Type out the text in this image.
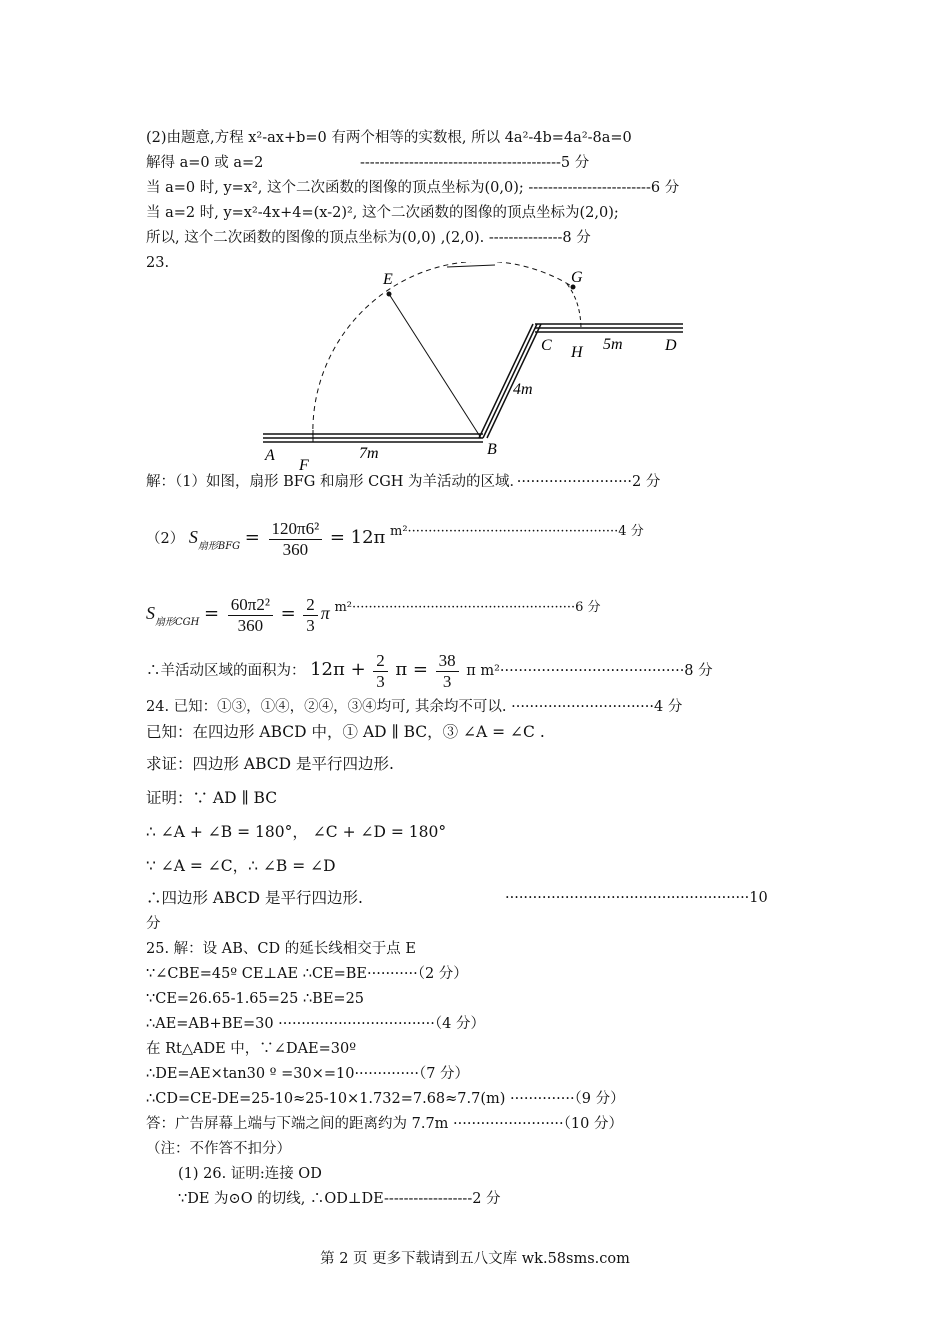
(2)由题意,方程 x²-ax+b=0 有两个相等的实数根, 所以 4a²-4b=4a²-8a=0
解得 a=0 或 a=2	-----------------------------------------5 分
当 a=0 时, y=x², 这个二次函数的图像的顶点坐标为(0,0); -------------------------6 分
当 a=2 时, y=x²-4x+4=(x-2)², 这个二次函数的图像的顶点坐标为(2,0);
所以, 这个二次函数的图像的顶点坐标为(0,0) ,(2,0). ---------------8 分
23.
E	G
C H 5m	D
4m
B
A	7m
F
解：（1）如图，扇形 BFG 和扇形 CGH 为羊活动的区域．·························2 分
（2） $S_{扇形BFG} = \frac{\text{120π6²}}{360} = 12\pi$ m²···················································4 分
$S_{扇形CGH} = \frac{\text{60π2²}}{360} = \frac{2}{3}$ π m²······················································6 分
∴羊活动区域的面积为： $12\pi + \frac{2}{3}$ $\pi = \frac{38}{3}$ π m²········································8 分
24. 已知：①③，①④，②④，③④均可, 其余均不可以. ·······························4 分
已知：在四边形 ABCD 中，① AD ∥ BC，③ ∠A = ∠C .
求证：四边形 ABCD 是平行四边形.
证明：∵ AD ∥ BC
∴ ∠A + ∠B = 180°， ∠C + ∠D = 180°
∵ ∠A = ∠C，∴ ∠B = ∠D
∴四边形 ABCD 是平行四边形.	·····················································10
分
25. 解：设 AB、CD 的延长线相交于点 E
∵∠CBE=45º CE⊥AE ∴CE=BE···········（2 分）
∵CE=26.65-1.65=25 ∴BE=25
∴AE=AB+BE=30 ··································（4 分）
在 Rt△ADE 中，∵∠DAE=30º
∴DE=AE×tan30 º =30×=10··············（7 分）
∴CD=CE-DE=25-10≈25-10×1.732=7.68≈7.7(m) ··············（9 分）
答：广告屏幕上端与下端之间的距离约为 7.7m ························（10 分）
（注：不作答不扣分）
(1) 26. 证明:连接 OD
∵DE 为⊙O 的切线, ∴OD⊥DE------------------2 分
第 2 页 更多下载请到五八文库 wk.58sms.com
